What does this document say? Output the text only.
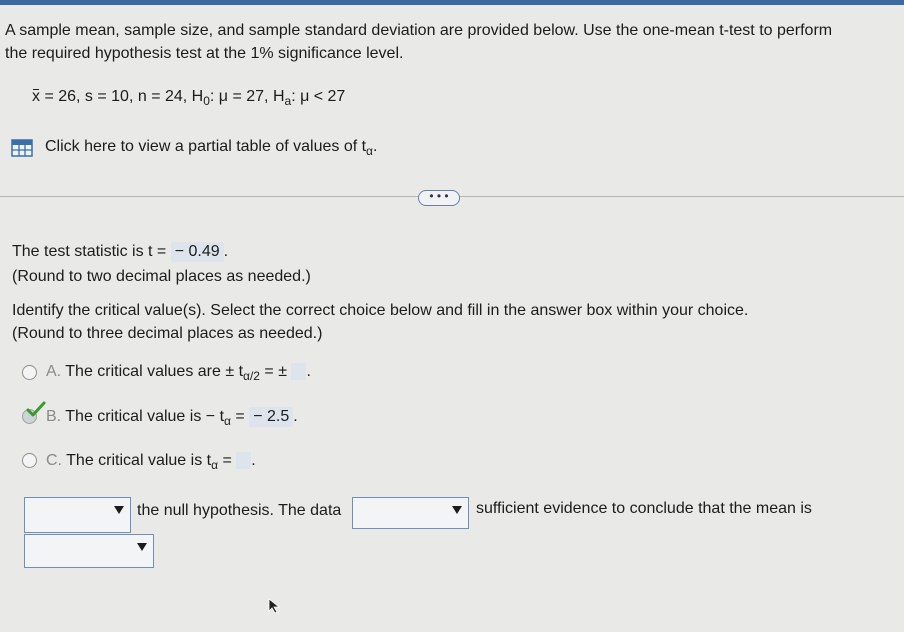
A sample mean, sample size, and sample standard deviation are provided below. Use the one-mean t-test to perform
the required hypothesis test at the 1% significance level.
x = 26, s = 10, n = 24, $H_0$: μ = 27, $H_a$: μ < 27
Click here to view a partial table of values of $t_\alpha$.
• • •
The test statistic is t = − 0.49 .
(Round to two decimal places as needed.)
Identify the critical value(s). Select the correct choice below and fill in the answer box within your choice.
(Round to three decimal places as needed.)
A. The critical values are ± $t_{\alpha/2}$ = ± .
B. The critical value is − $t_\alpha$ = − 2.5 .
C. The critical value is $t_\alpha$ = .
the null hypothesis. The data	sufficient evidence to conclude that the mean is
